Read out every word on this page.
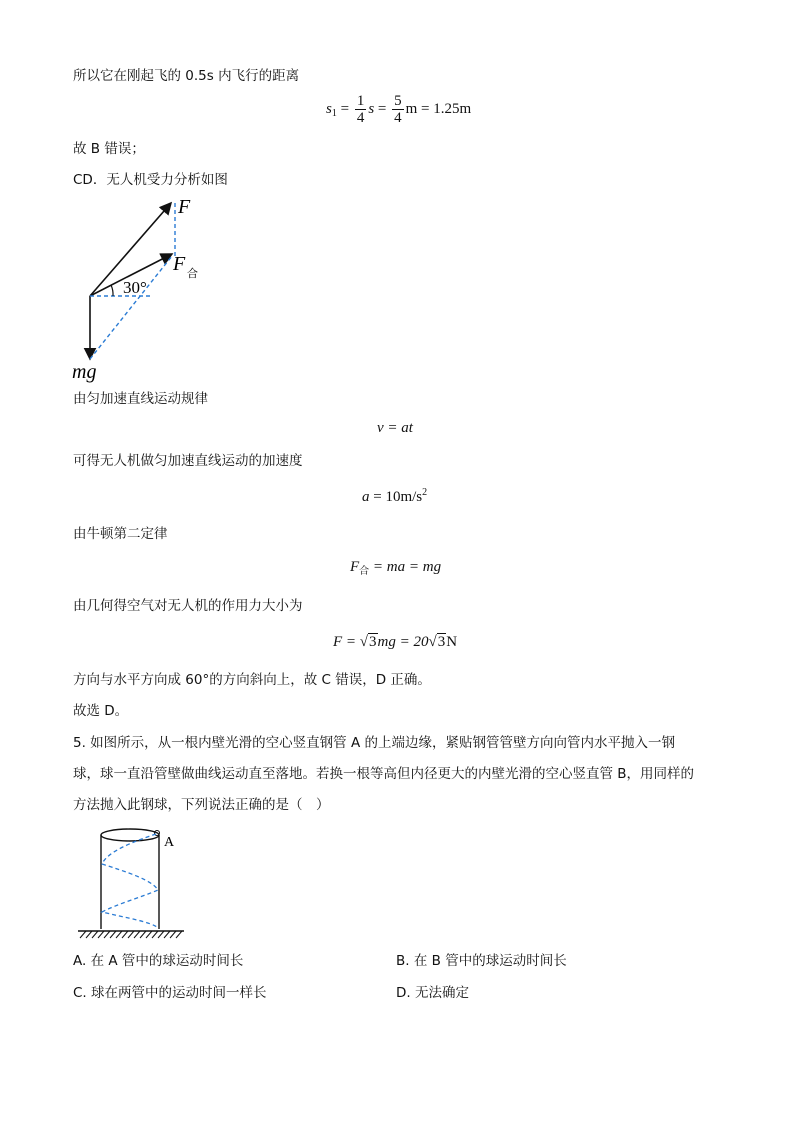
所以它在刚起飞的 0.5s 内飞行的距离
$s_1 = \frac{1}{4}$ $s = \frac{5}{4}$ m = 1.25m
故 B 错误；
CD．无人机受力分析如图
F
F 合
30°
mg
由匀加速直线运动规律
v = at
可得无人机做匀加速直线运动的加速度
$a = 10m/s^2$
由牛顿第二定律
$F_合$ = ma = mg
由几何得空气对无人机的作用力大小为
F = √3mg = 20√3N
方向与水平方向成 60°的方向斜向上，故 C 错误，D 正确。
故选 D。
5. 如图所示，从一根内壁光滑的空心竖直钢管 A 的上端边缘，紧贴钢管管壁方向向管内水平抛入一钢
球，球一直沿管壁做曲线运动直至落地。若换一根等高但内径更大的内壁光滑的空心竖直管 B，用同样的
方法抛入此钢球，下列说法正确的是（　）
A
A. 在 A 管中的球运动时间长	B. 在 B 管中的球运动时间长
C. 球在两管中的运动时间一样长	D. 无法确定
